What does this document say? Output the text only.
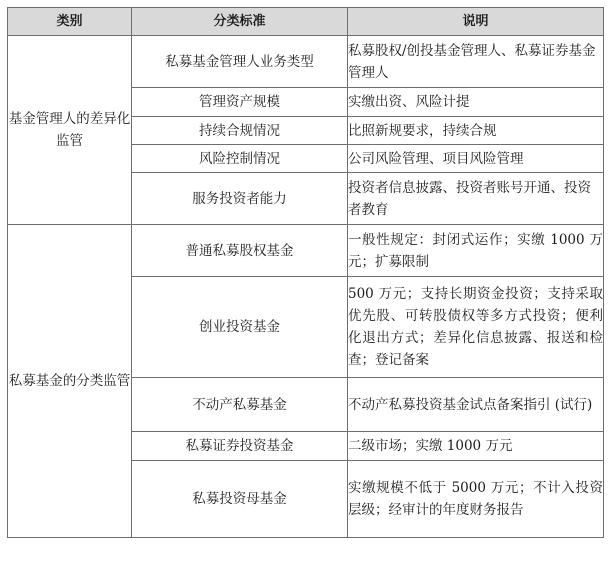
类别	分类标准	说明
基金管理人的差异化监管	私募基金管理人业务类型	私募股权/创投基金管理人、私募证券基金管理人
	管理资产规模	实缴出资、风险计提
	持续合规情况	比照新规要求，持续合规
	风险控制情况	公司风险管理、项目风险管理
	服务投资者能力	投资者信息披露、投资者账号开通、投资者教育
私募基金的分类监管	普通私募股权基金	一般性规定：封闭式运作；实缴 1000 万元；扩募限制
	创业投资基金	500 万元；支持长期资金投资；支持采取优先股、可转股债权等多方式投资；便利化退出方式；差异化信息披露、报送和检查；登记备案
	不动产私募基金	不动产私募投资基金试点备案指引 (试行)
	私募证券投资基金	二级市场；实缴 1000 万元
	私募投资母基金	实缴规模不低于 5000 万元；不计入投资层级；经审计的年度财务报告
